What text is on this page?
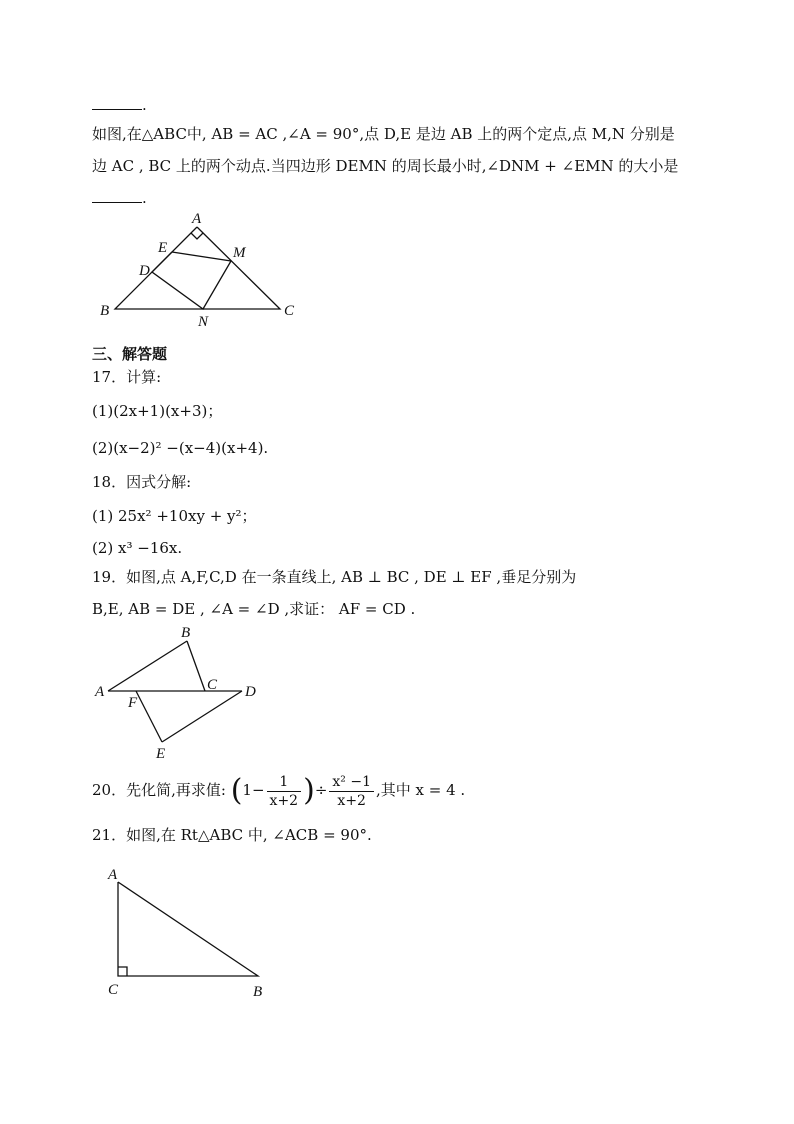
.
如图,在△ABC中, AB = AC ,∠A = 90°,点 D,E 是边 AB 上的两个定点,点 M,N 分别是
边 AC , BC 上的两个动点.当四边形 DEMN 的周长最小时,∠DNM + ∠EMN 的大小是
.
A
E	M
D
B
N
C
三、解答题
17．计算:
(1)(2x+1)(x+3)；
(2)(x−2)² −(x−4)(x+4).
18．因式分解:
(1) 25x² +10xy + y²；
(2) x³ −16x.
19．如图,点 A,F,C,D 在一条直线上, AB ⊥ BC , DE ⊥ EF ,垂足分别为
B,E, AB = DE , ∠A = ∠D ,求证： AF = CD .
A
B
C D
F
E
20．先化简,再求值: ($1- \frac{1}{x+2}$ )÷ $\frac{\text{x² −1}}{x+2}$ ,其中 x = 4 .
21．如图,在 Rt△ABC 中, ∠ACB = 90°.
A
C	B
